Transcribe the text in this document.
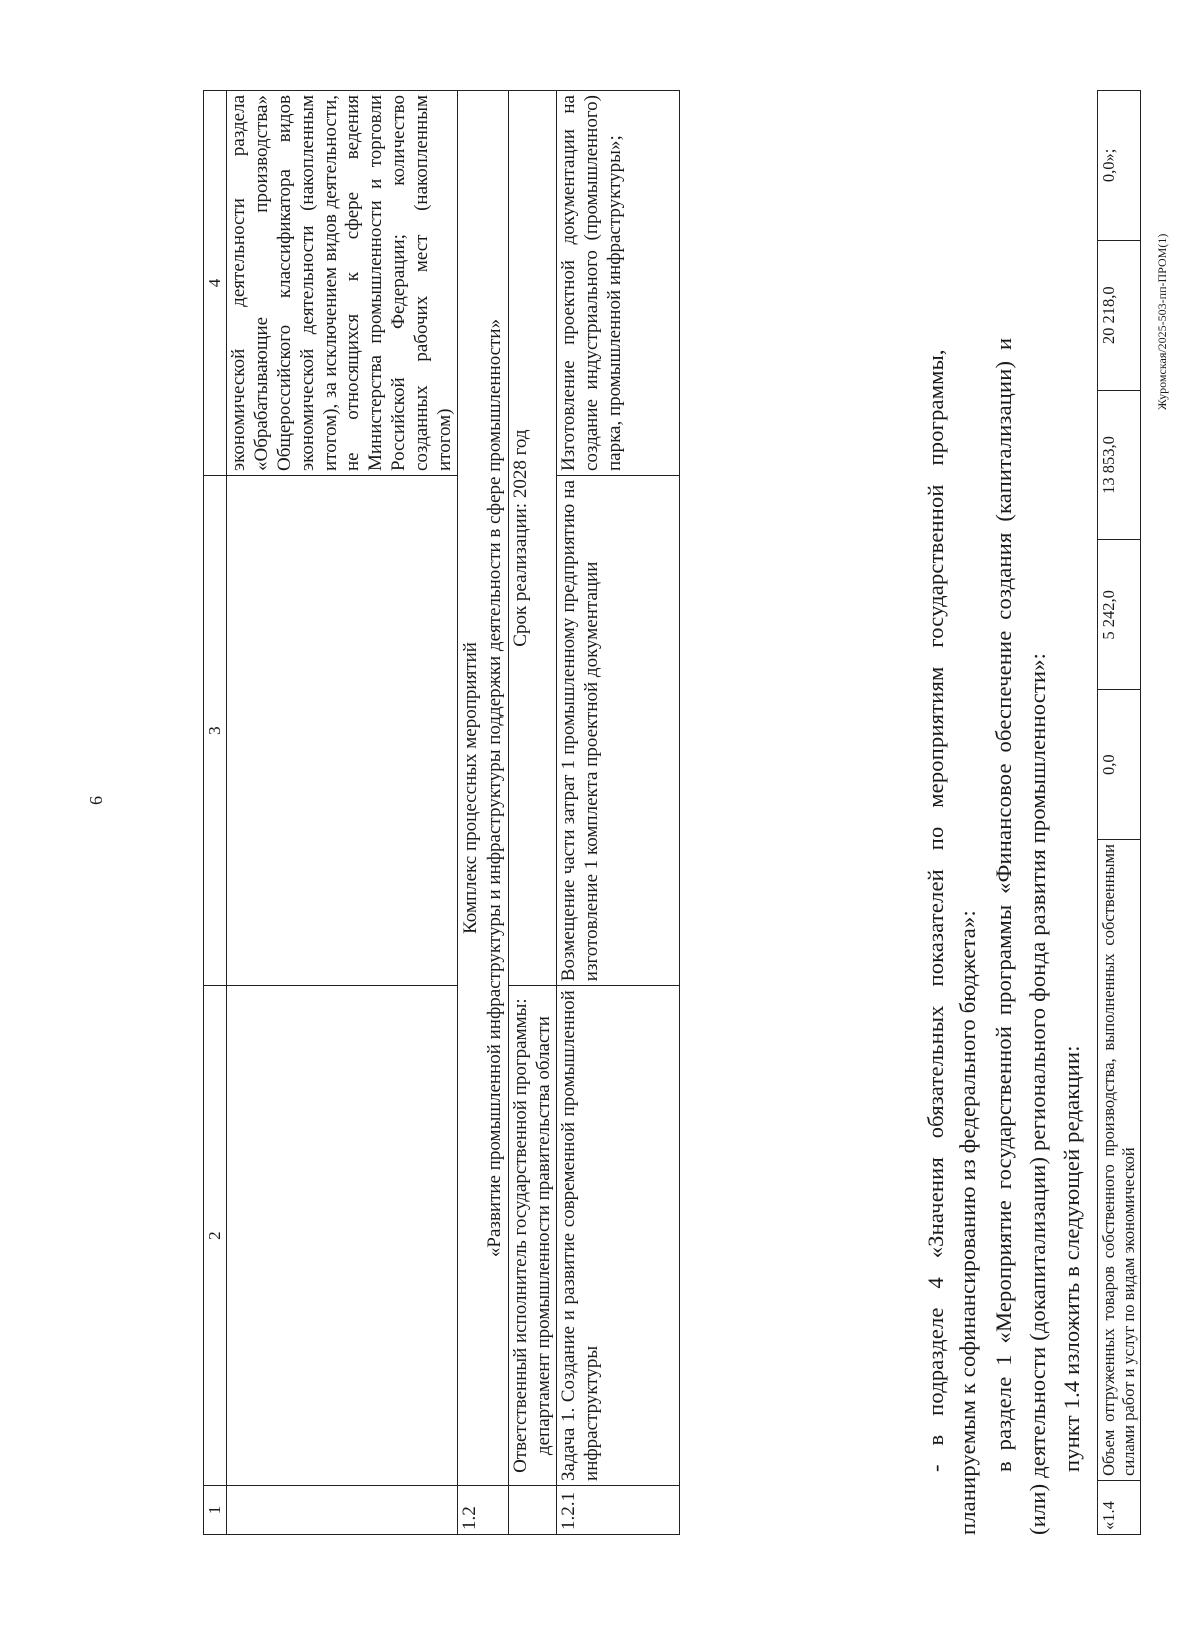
6
1	2	3	4
			экономической деятельности раздела «Обрабатывающие производства» Общероссийского классификатора видов экономической деятельности (накопленным итогом), за исключением видов деятельности, не относящихся к сфере ведения Министерства промышленности и торговли Российской Федерации; количество созданных рабочих мест (накопленным итогом)
1.2	Комплекс процессных мероприятий «Развитие промышленной инфраструктуры и инфраструктуры поддержки деятельности в сфере промышленности»		

	Ответственный исполнитель государственной программы: департамент промышленности правительства области	Срок реализации: 2028 год	
1.2.1	Задача 1. Создание и развитие современной промышленной инфраструктуры	Возмещение части затрат 1 промышленному предприятию на изготовление 1 комплекта проектной документации	Изготовление проектной документации на создание индустриального (промышленного) парка, промышленной инфраструктуры»;
- в подразделе 4 «Значения обязательных показателей по мероприятиям государственной программы, планируемым к софинансированию из федерального бюджета»: в разделе 1 «Мероприятие государственной программы «Финансовое обеспечение создания (капитализации) и (или) деятельности (докапитализации) регионального фонда развития промышленности»: пункт 1.4 изложить в следующей редакции:
«1.4	Объем отгруженных товаров собственного производства, выполненных собственными силами работ и услуг по видам экономической	0,0	5 242,0	13 853,0	20 218,0	0,0»;
Журомская/2025-503-пп-ПРОМ(1)
